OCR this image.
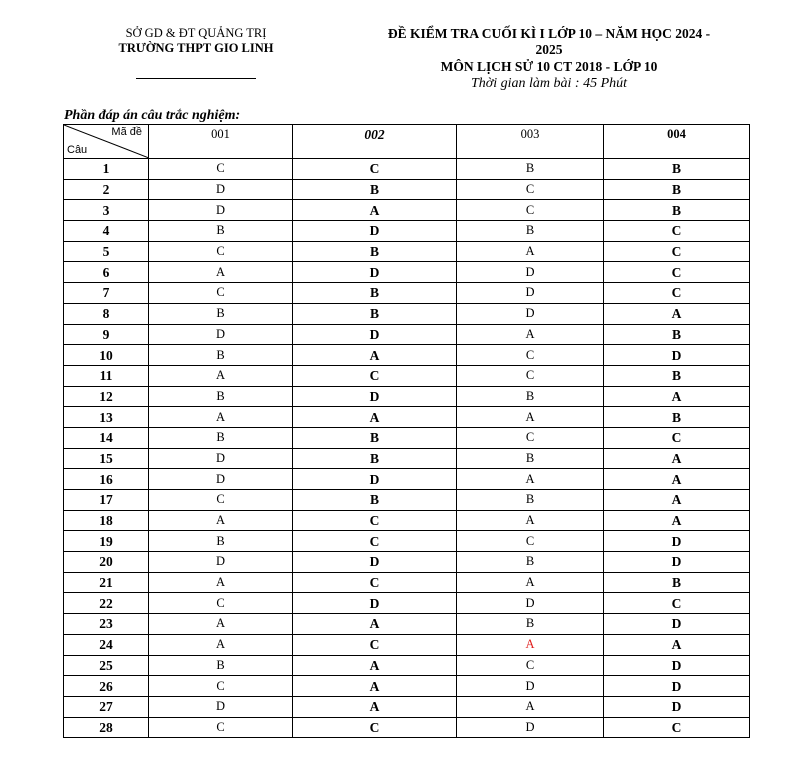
SỞ GD & ĐT QUẢNG TRỊ
TRƯỜNG THPT GIO LINH
ĐỀ KIỂM TRA CUỐI KÌ I LỚP 10 – NĂM HỌC 2024 -
2025
MÔN LỊCH SỬ 10 CT 2018 - LỚP 10
Thời gian làm bài : 45 Phút
Phần đáp án câu trắc nghiệm:
Mã đề
Câu	001	002	003	004
1	C	C	B	B
2	D	B	C	B
3	D	A	C	B
4	B	D	B	C
5	C	B	A	C
6	A	D	D	C
7	C	B	D	C
8	B	B	D	A
9	D	D	A	B
10	B	A	C	D
11	A	C	C	B
12	B	D	B	A
13	A	A	A	B
14	B	B	C	C
15	D	B	B	A
16	D	D	A	A
17	C	B	B	A
18	A	C	A	A
19	B	C	C	D
20	D	D	B	D
21	A	C	A	B
22	C	D	D	C
23	A	A	B	D
24	A	C	A	A
25	B	A	C	D
26	C	A	D	D
27	D	A	A	D
28	C	C	D	C
